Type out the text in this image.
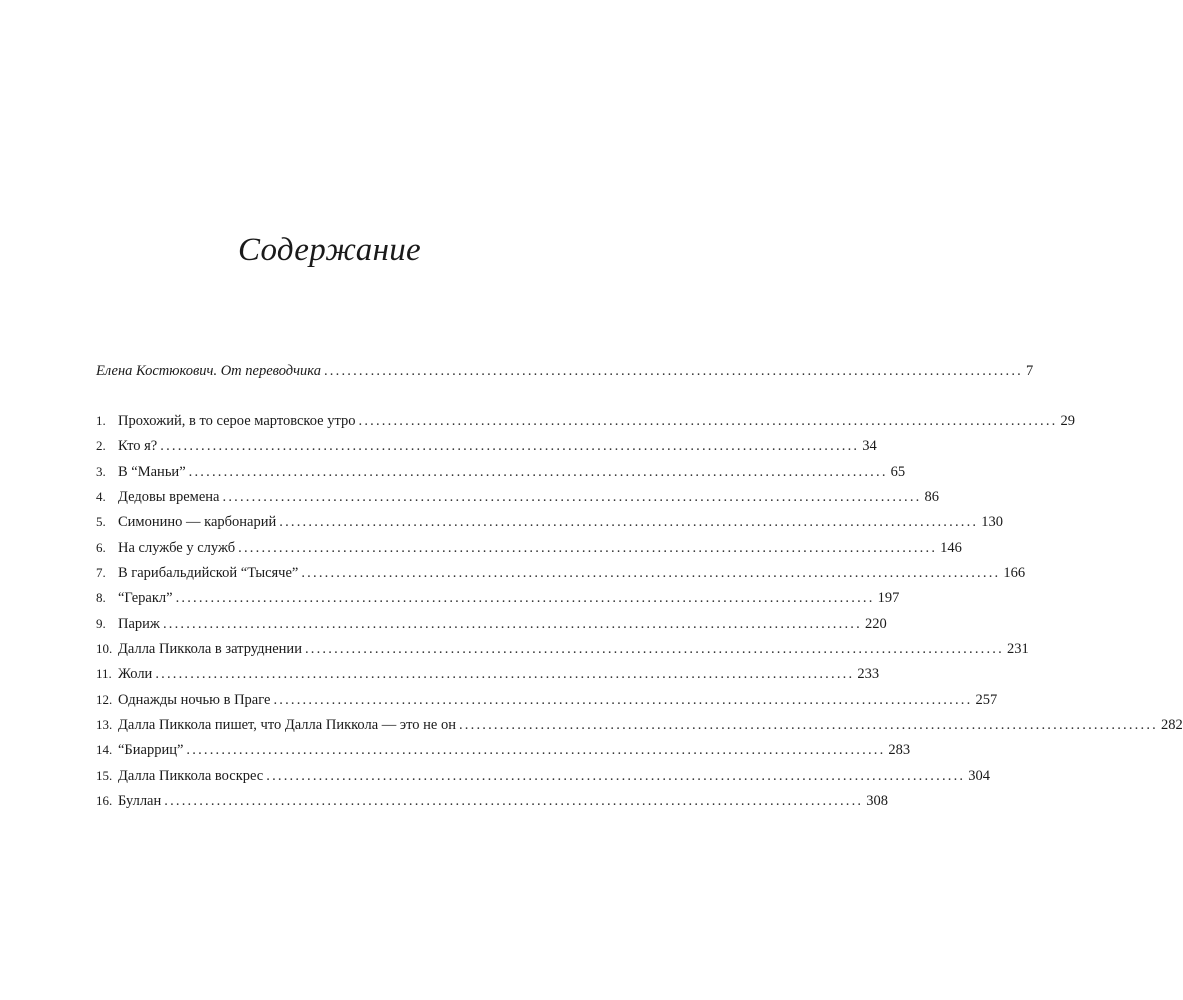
Содержание
Елена Костюкович. От переводчика ........................................................................................................................ 7
1. Прохожий, в то серое мартовское утро ........................................................................................................................ 29
2. Кто я? ........................................................................................................................ 34
3. В “Маньи” ........................................................................................................................ 65
4. Дедовы времена ........................................................................................................................ 86
5. Симонино — карбонарий ........................................................................................................................ 130
6. На службе у служб ........................................................................................................................ 146
7. В гарибальдийской “Тысяче” ........................................................................................................................ 166
8. “Геракл” ........................................................................................................................ 197
9. Париж ........................................................................................................................ 220
10. Далла Пиккола в затруднении ........................................................................................................................ 231
11. Жоли ........................................................................................................................ 233
12. Однажды ночью в Праге ........................................................................................................................ 257
13. Далла Пиккола пишет, что Далла Пиккола — это не он ........................................................................................................................ 282
14. “Биарриц” ........................................................................................................................ 283
15. Далла Пиккола воскрес ........................................................................................................................ 304
16. Буллан ........................................................................................................................ 308
